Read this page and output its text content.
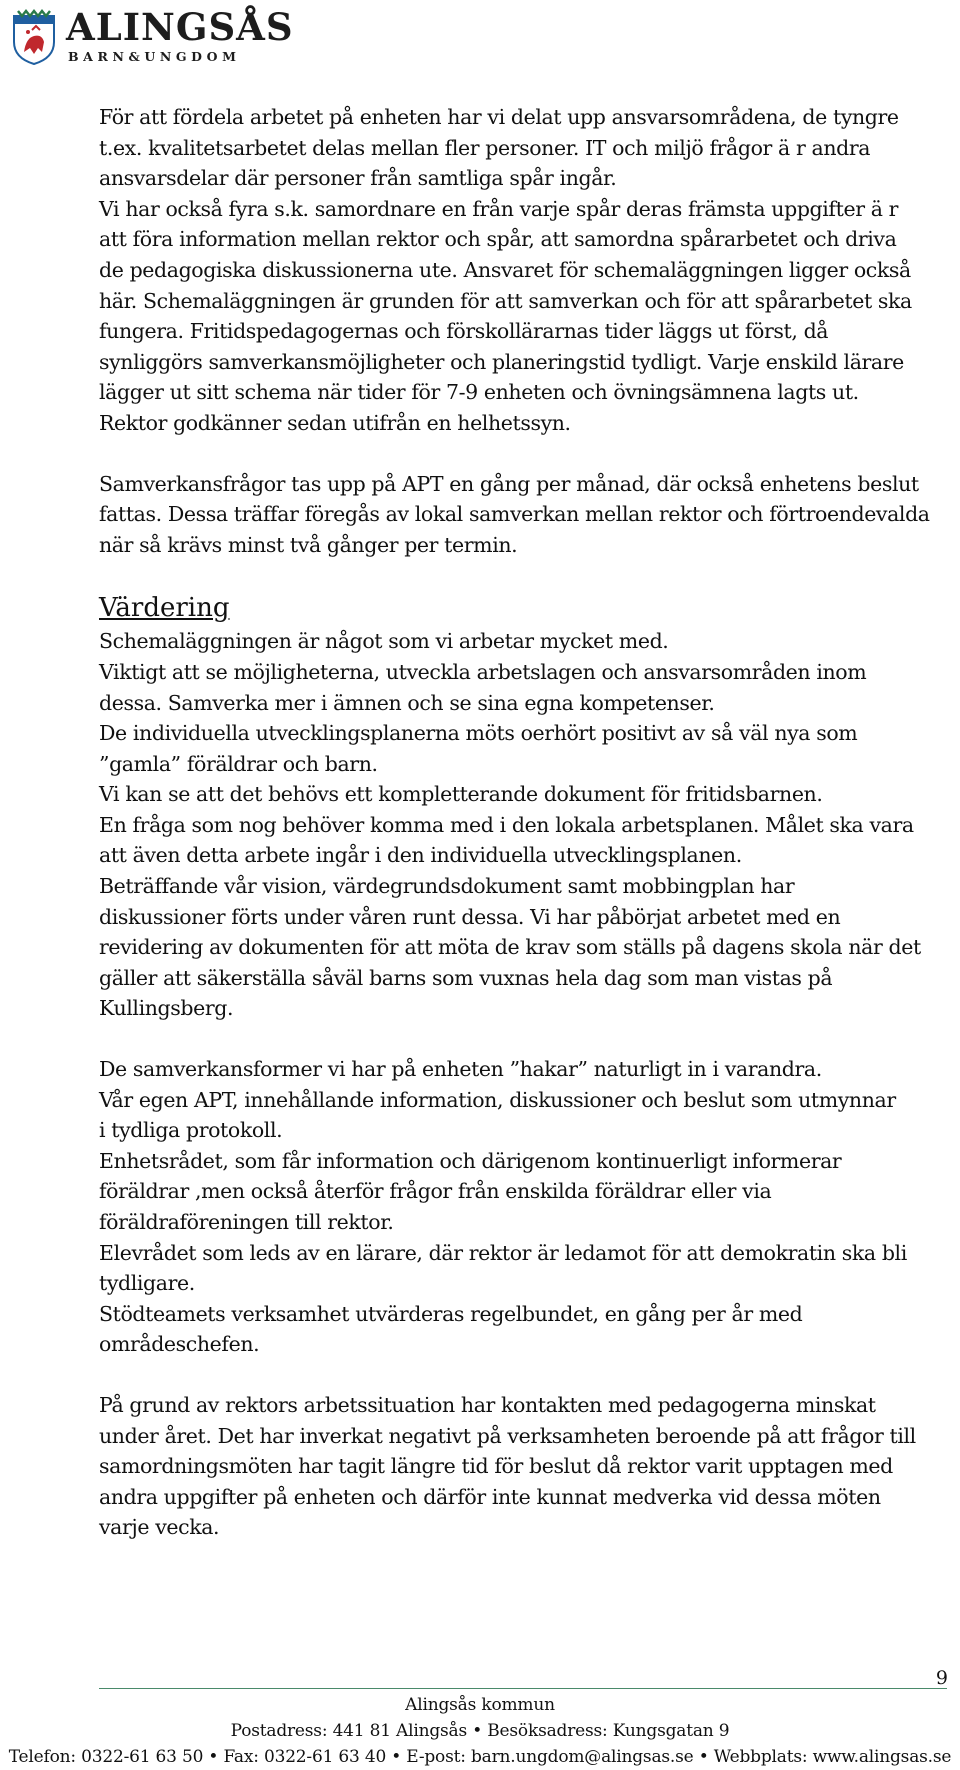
ALINGSÅS
BARN&UNGDOM

För att fördela arbetet på enheten har vi delat upp ansvarsområdena, de tyngre

t.ex. kvalitetsarbetet delas mellan fler personer. IT och miljö frågor ä r andra

ansvarsdelar där personer från samtliga spår ingår.

Vi har också fyra s.k. samordnare en från varje spår deras främsta uppgifter ä r

att föra information mellan rektor och spår, att samordna spårarbetet och driva

de pedagogiska diskussionerna ute. Ansvaret för schemaläggningen ligger också

här. Schemaläggningen är grunden för att samverkan och för att spårarbetet ska

fungera. Fritidspedagogernas och förskollärarnas tider läggs ut först, då

synliggörs samverkansmöjligheter och planeringstid tydligt. Varje enskild lärare

lägger ut sitt schema när tider för 7-9 enheten och övningsämnena lagts ut.

Rektor godkänner sedan utifrån en helhetssyn.

Samverkansfrågor tas upp på APT en gång per månad, där också enhetens beslut

fattas. Dessa träffar föregås av lokal samverkan mellan rektor och förtroendevalda

när så krävs minst två gånger per termin.

Värdering

Schemaläggningen är något som vi arbetar mycket med.

Viktigt att se möjligheterna, utveckla arbetslagen och ansvarsområden inom

dessa. Samverka mer i ämnen och se sina egna kompetenser.

De individuella utvecklingsplanerna möts oerhört positivt av så väl nya som

”gamla” föräldrar och barn.

Vi kan se att det behövs ett kompletterande dokument för fritidsbarnen.

En fråga som nog behöver komma med i den lokala arbetsplanen. Målet ska vara

att även detta arbete ingår i den individuella utvecklingsplanen.

Beträffande vår vision, värdegrundsdokument samt mobbingplan har

diskussioner förts under våren runt dessa. Vi har påbörjat arbetet med en

revidering av dokumenten för att möta de krav som ställs på dagens skola när det

gäller att säkerställa såväl barns som vuxnas hela dag som man vistas på

Kullingsberg.

De samverkansformer vi har på enheten ”hakar” naturligt in i varandra.

Vår egen APT, innehållande information, diskussioner och beslut som utmynnar

i tydliga protokoll.

Enhetsrådet, som får information och därigenom kontinuerligt informerar

föräldrar ,men också återför frågor från enskilda föräldrar eller via

föräldraföreningen till rektor.

Elevrådet som leds av en lärare, där rektor är ledamot för att demokratin ska bli

tydligare.

Stödteamets verksamhet utvärderas regelbundet, en gång per år med

områdeschefen.

På grund av rektors arbetssituation har kontakten med pedagogerna minskat

under året. Det har inverkat negativt på verksamheten beroende på att frågor till

samordningsmöten har tagit längre tid för beslut då rektor varit upptagen med

andra uppgifter på enheten och därför inte kunnat medverka vid dessa möten

varje vecka.

9
Alingsås kommun
Postadress: 441 81 Alingsås • Besöksadress: Kungsgatan 9
Telefon: 0322-61 63 50 • Fax: 0322-61 63 40 • E-post: barn.ungdom@alingsas.se • Webbplats: www.alingsas.se
